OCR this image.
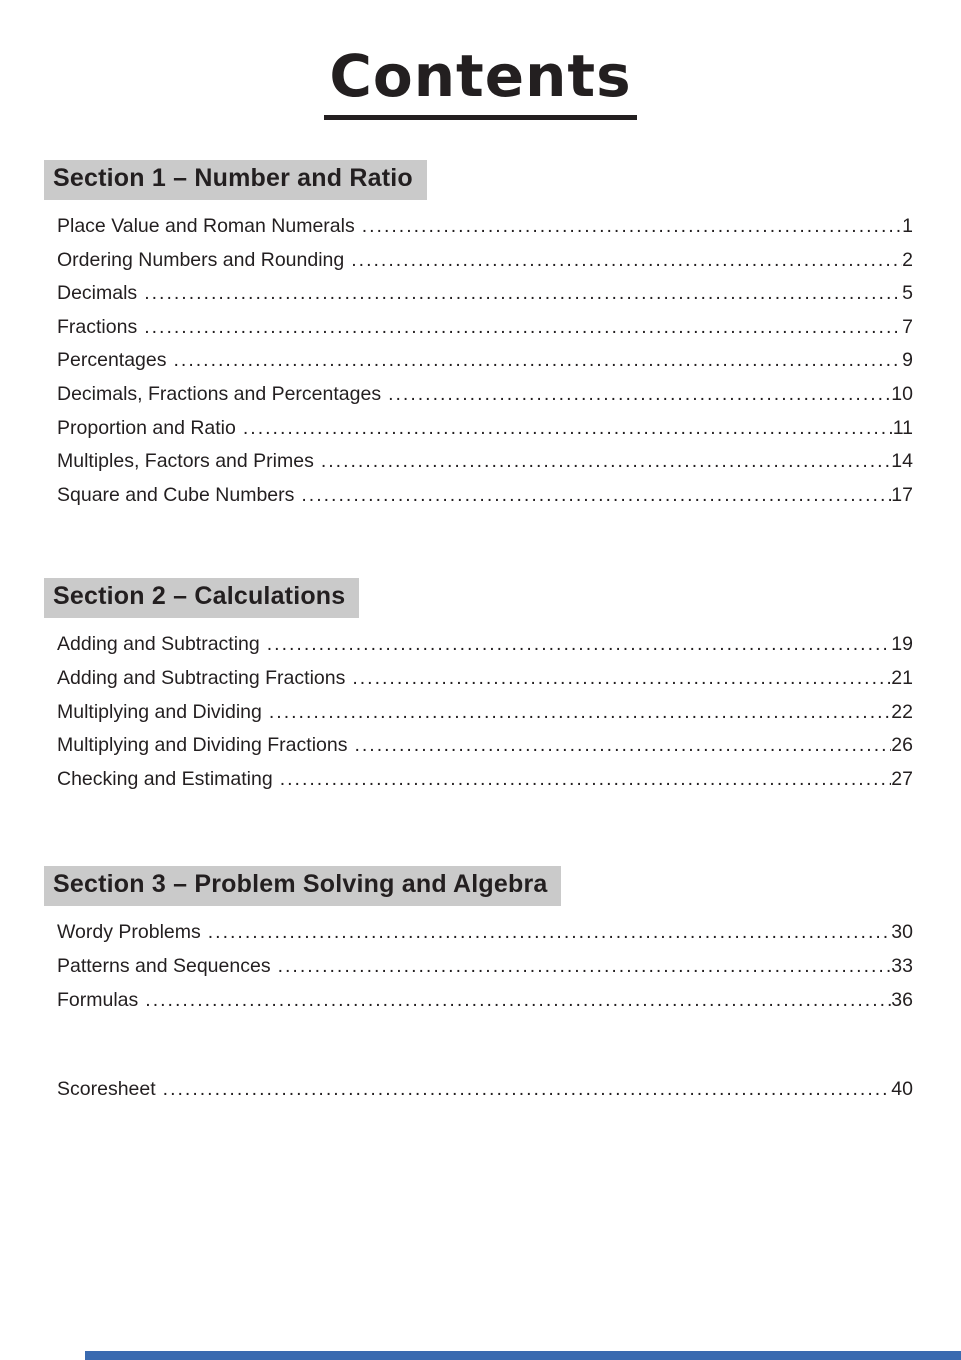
Contents
Section 1 – Number and Ratio
Place Value and Roman Numerals .....	1
Ordering Numbers and Rounding .....	2
Decimals .....	5
Fractions .....	7
Percentages .....	9
Decimals, Fractions and Percentages .....	10
Proportion and Ratio .....	11
Multiples, Factors and Primes .....	14
Square and Cube Numbers .....	17
Section 2 – Calculations
Adding and Subtracting .....	19
Adding and Subtracting Fractions .....	21
Multiplying and Dividing .....	22
Multiplying and Dividing Fractions .....	26
Checking and Estimating .....	27
Section 3 – Problem Solving and Algebra
Wordy Problems .....	30
Patterns and Sequences .....	33
Formulas .....	36
Scoresheet .....	40
